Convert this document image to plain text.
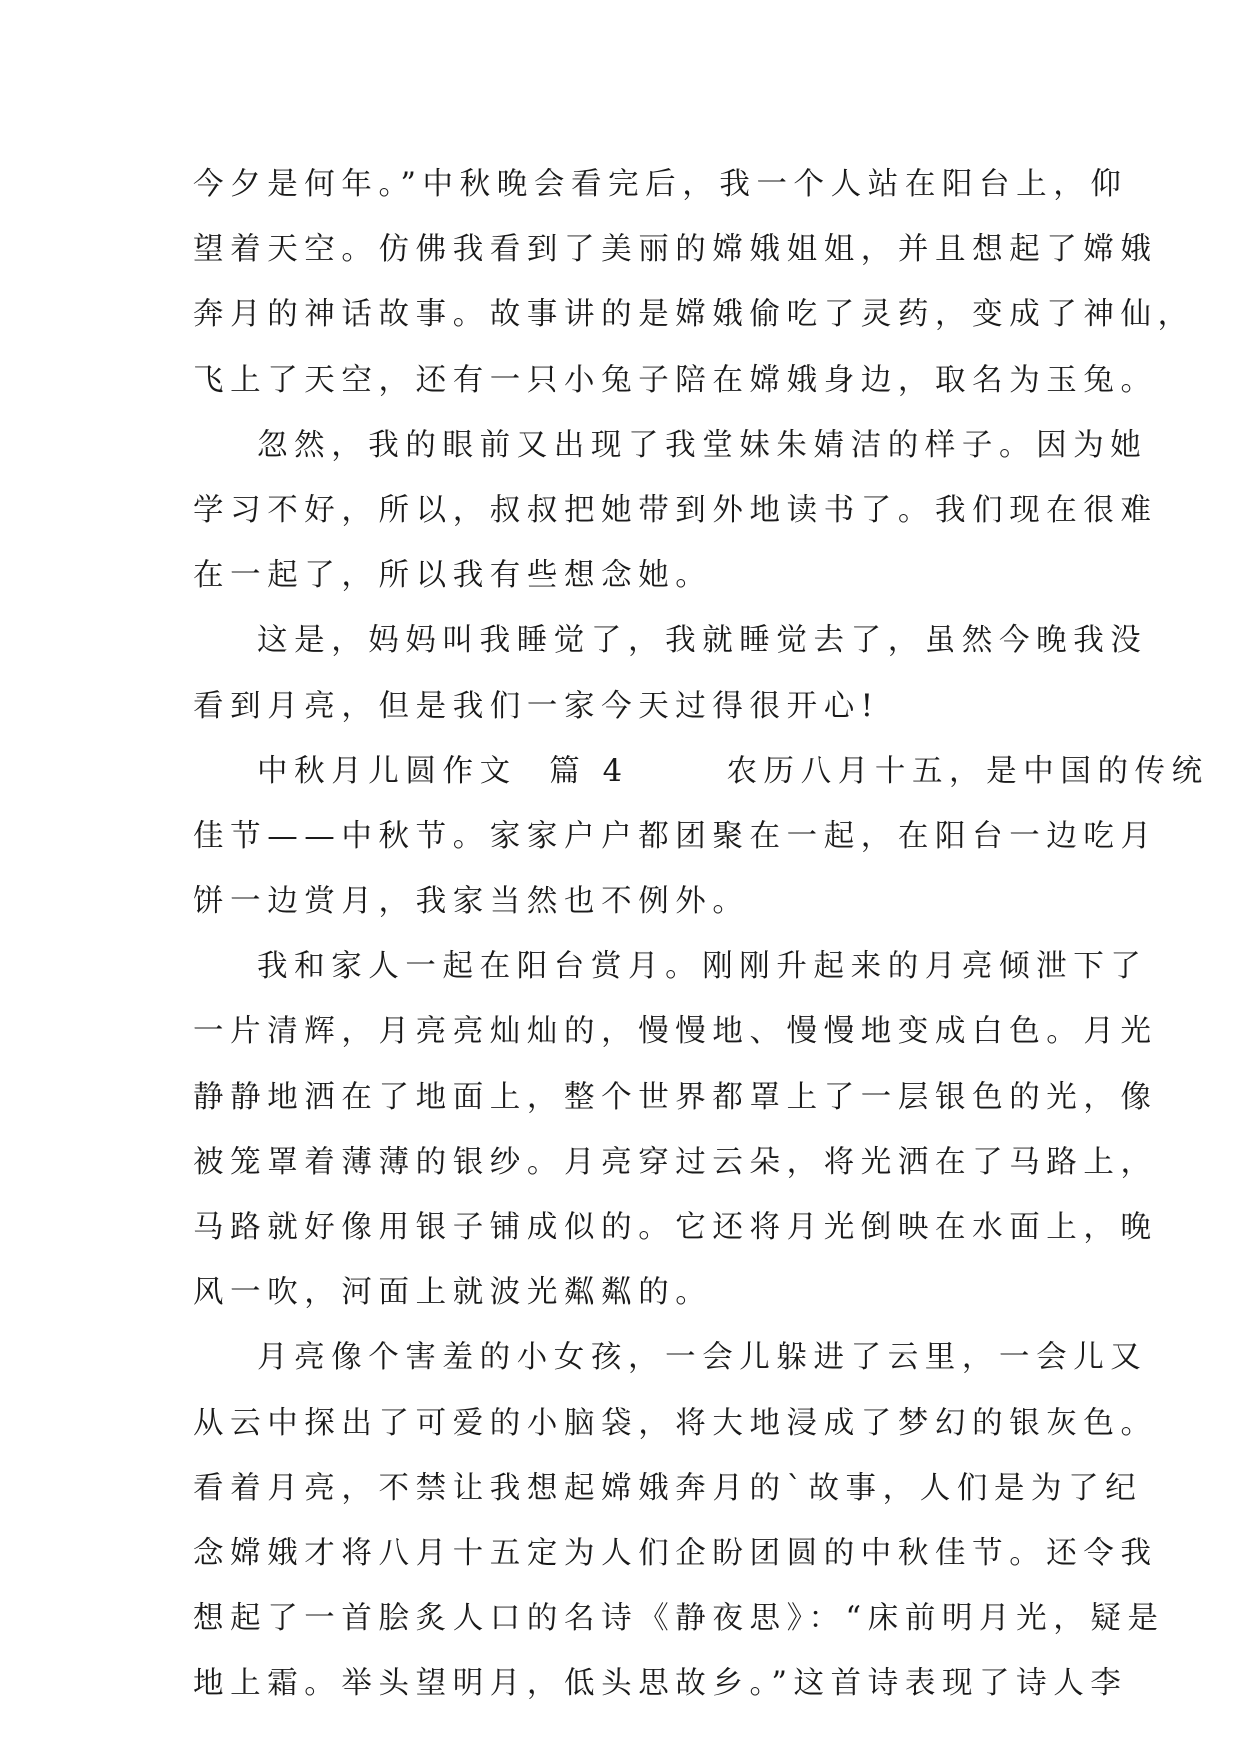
今夕是何年。”中秋晚会看完后，我一个人站在阳台上，仰
望着天空。仿佛我看到了美丽的嫦娥姐姐，并且想起了嫦娥
奔月的神话故事。故事讲的是嫦娥偷吃了灵药，变成了神仙，
飞上了天空，还有一只小兔子陪在嫦娥身边，取名为玉兔。
忽然，我的眼前又出现了我堂妹朱婧洁的样子。因为她
学习不好，所以，叔叔把她带到外地读书了。我们现在很难
在一起了，所以我有些想念她。
这是，妈妈叫我睡觉了，我就睡觉去了，虽然今晚我没
看到月亮，但是我们一家今天过得很开心!
中秋月儿圆作文  篇 4      农历八月十五，是中国的传统
佳节——中秋节。家家户户都团聚在一起，在阳台一边吃月
饼一边赏月，我家当然也不例外。
我和家人一起在阳台赏月。刚刚升起来的月亮倾泄下了
一片清辉，月亮亮灿灿的，慢慢地、慢慢地变成白色。月光
静静地洒在了地面上，整个世界都罩上了一层银色的光，像
被笼罩着薄薄的银纱。月亮穿过云朵，将光洒在了马路上，
马路就好像用银子铺成似的。它还将月光倒映在水面上，晚
风一吹，河面上就波光粼粼的。
月亮像个害羞的小女孩，一会儿躲进了云里，一会儿又
从云中探出了可爱的小脑袋，将大地浸成了梦幻的银灰色。
看着月亮，不禁让我想起嫦娥奔月的`故事，人们是为了纪
念嫦娥才将八月十五定为人们企盼团圆的中秋佳节。还令我
想起了一首脍炙人口的名诗《静夜思》：“床前明月光，疑是
地上霜。举头望明月，低头思故乡。”这首诗表现了诗人李
